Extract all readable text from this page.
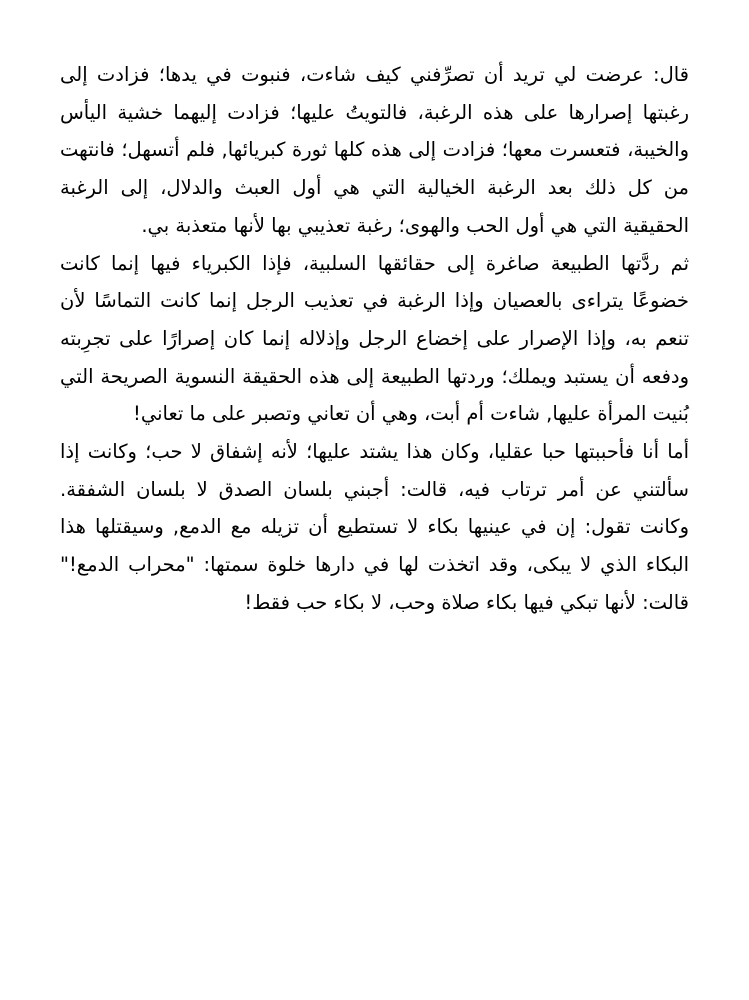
قال: عرضت لي تريد أن تصرِّفني كيف شاءت، فنبوت في يدها؛ فزادت إلى رغبتها إصرارها على هذه الرغبة، فالتويتُ عليها؛ فزادت إليهما خشية اليأس والخيبة، فتعسرت معها؛ فزادت إلى هذه كلها ثورة كبريائها, فلم أتسهل؛ فانتهت من كل ذلك بعد الرغبة الخيالية التي هي أول العبث والدلال، إلى الرغبة الحقيقية التي هي أول الحب والهوى؛ رغبة تعذيبي بها لأنها متعذبة بي.

ثم ردَّتها الطبيعة صاغرة إلى حقائقها السلبية، فإذا الكبرياء فيها إنما كانت خضوعًا يتراءى بالعصيان وإذا الرغبة في تعذيب الرجل إنما كانت التماسًا لأن تنعم به، وإذا الإصرار على إخضاع الرجل وإذلاله إنما كان إصرارًا على تجرِبته ودفعه أن يستبد ويملك؛ وردتها الطبيعة إلى هذه الحقيقة النسوية الصريحة التي بُنيت المرأة عليها, شاءت أم أبت، وهي أن تعاني وتصبر على ما تعاني!

أما أنا فأحببتها حبا عقليا، وكان هذا يشتد عليها؛ لأنه إشفاق لا حب؛ وكانت إذا سألتني عن أمر ترتاب فيه، قالت: أجبني بلسان الصدق لا بلسان الشفقة. وكانت تقول: إن في عينيها بكاء لا تستطيع أن تزيله مع الدمع, وسيقتلها هذا البكاء الذي لا يبكى، وقد اتخذت لها في دارها خلوة سمتها: "محراب الدمع!" قالت: لأنها تبكي فيها بكاء صلاة وحب، لا بكاء حب فقط!
